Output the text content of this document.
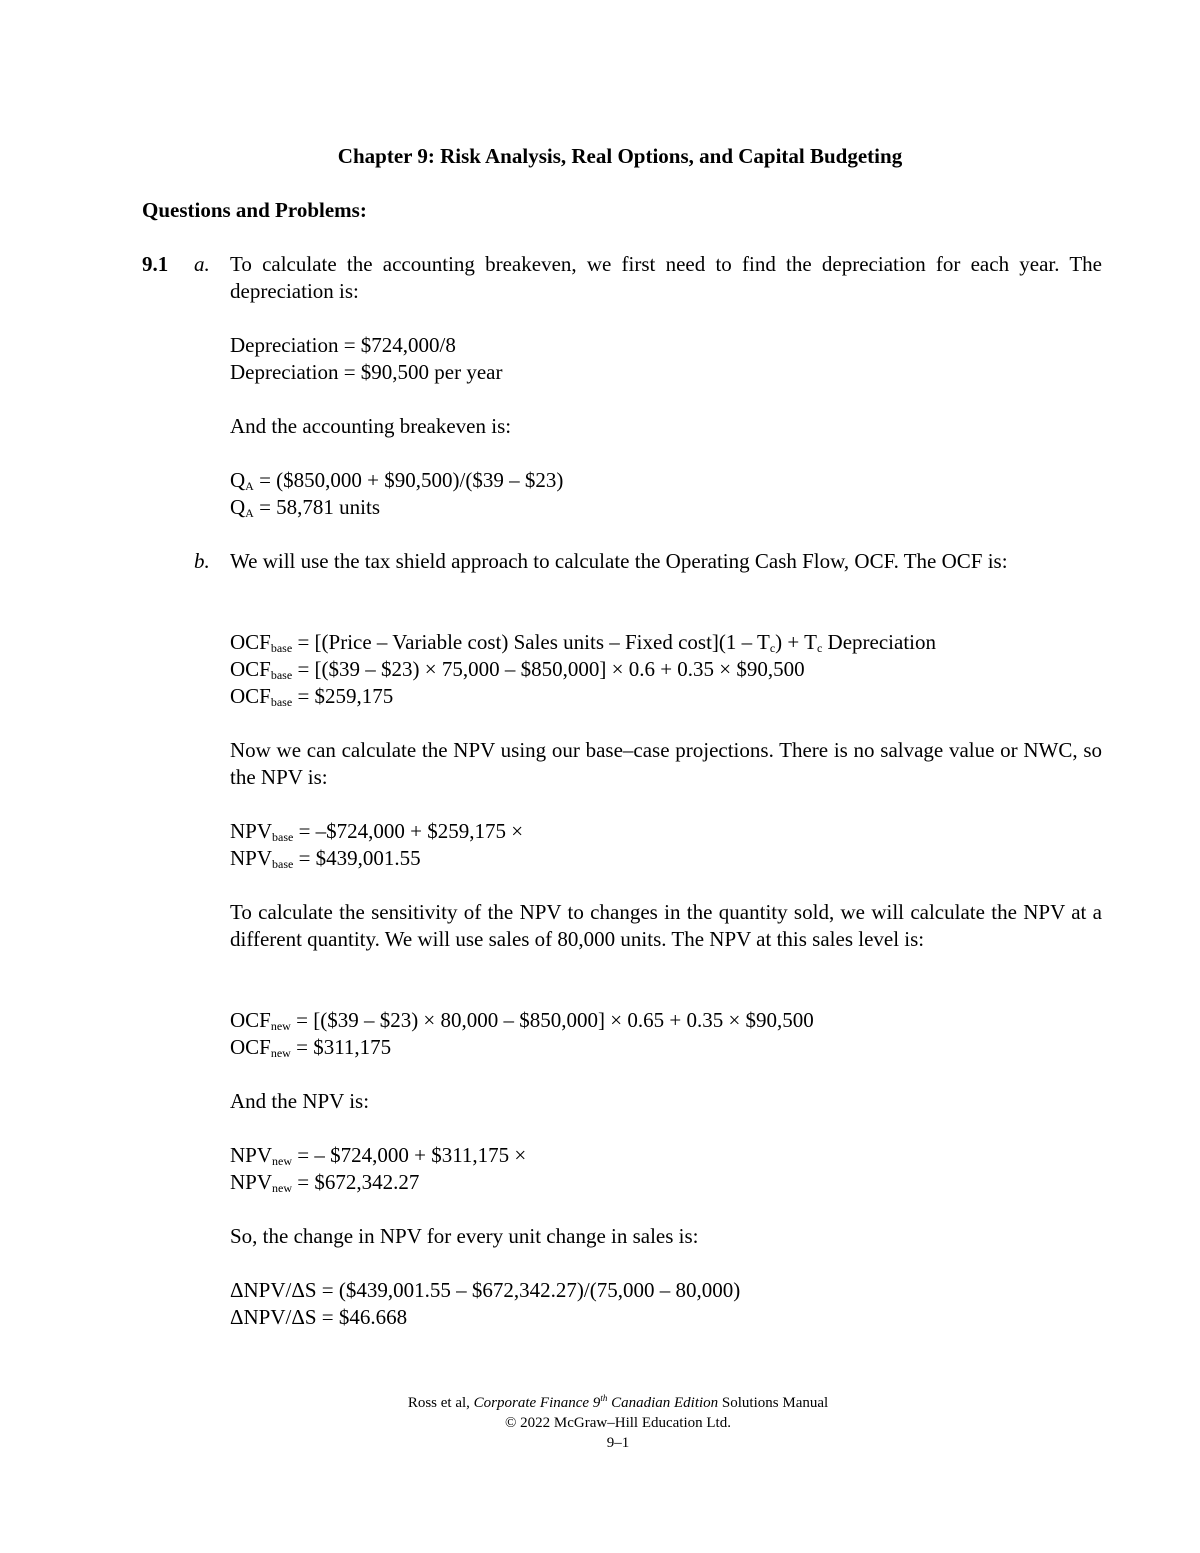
Chapter 9: Risk Analysis, Real Options, and Capital Budgeting
Questions and Problems:
9.1 a. To calculate the accounting breakeven, we first need to find the depreciation for each year. The depreciation is:

Depreciation = $724,000/8

Depreciation = $90,500 per year

And the accounting breakeven is:

$Q_A$ = ($850,000 + $90,500)/($39 – $23)

$Q_A = 58,781$ units

b. We will use the tax shield approach to calculate the Operating Cash Flow, OCF. The OCF is:

$OCF_{base}$ = [(Price – Variable cost) Sales units – Fixed $\cos t](1 - T_c) + T_c$ Depreciation

$OCF_{base}$ = [($39 – $23) × 75,000 – $850,000] × 0.6 + 0.35 × $90,500

$OCF_{base}$ = $259,175

Now we can calculate the NPV using our base–case projections. There is no salvage value or NWC, so the NPV is:

$NPV_{base}$ = –$724,000 + $259,175 ×

$NPV_{base}$ = $439,001.55

To calculate the sensitivity of the NPV to changes in the quantity sold, we will calculate the NPV at a different quantity. We will use sales of 80,000 units. The NPV at this sales level is:

$OCF_{new}$ = [($39 – $23) × 80,000 – $850,000] × 0.65 + 0.35 × $90,500

$OCF_{new}$ = $311,175

And the NPV is:

$NPV_{new}$ = – $724,000 + $311,175 ×

$NPV_{new}$ = $672,342.27

So, the change in NPV for every unit change in sales is:

ΔNPV/ΔS = ($439,001.55 – $672,342.27)/(75,000 – 80,000)

ΔNPV/ΔS = $46.668

Ross et al, Corporate Finance 9th Canadian Edition Solutions Manual
© 2022 McGraw–Hill Education Ltd.
9–1
